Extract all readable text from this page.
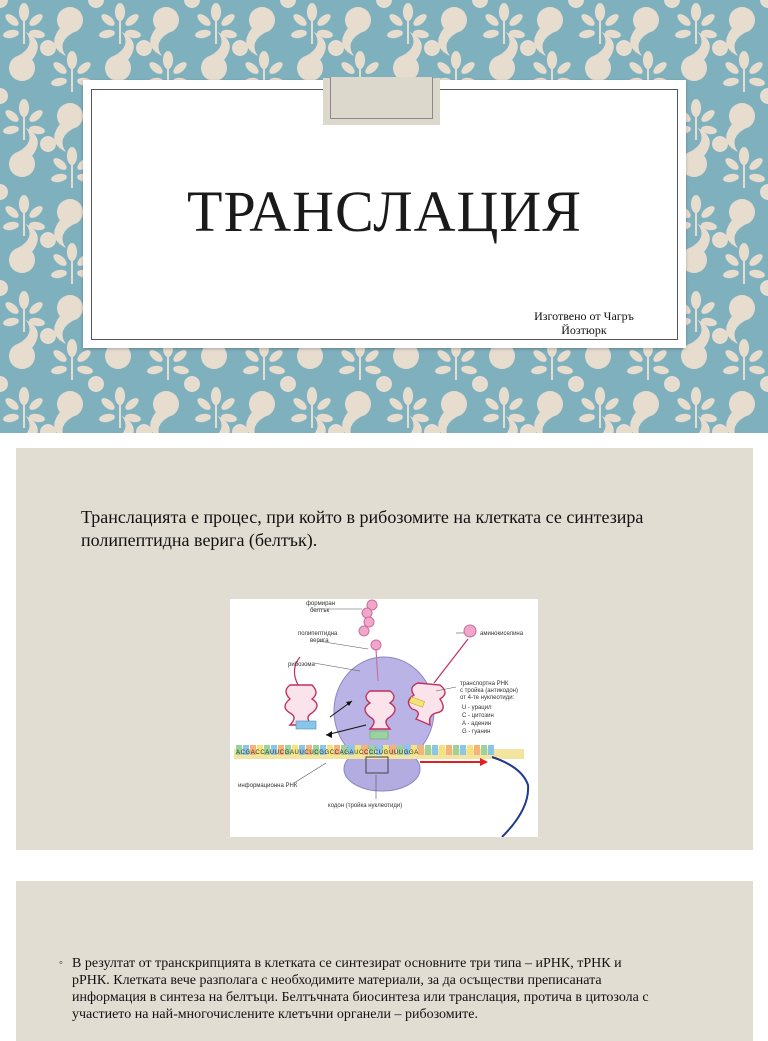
ТРАНСЛАЦИЯ
Изготвено от Чагръ
Йозтюрк
Транслацията е процес, при който в рибозомите на клетката се синтезира
полипептидна верига (белтък).
ACGACCAUUCGAUUCUCGGCCAGAUCCCCUGUUUGGA
формиран
белтък
полипептидна
верига
рибозома
аминокиселина
транспортна РНК
с тройка (антикодон)
от 4-те нуклеотиди:
U - урацил
C - цитозин
A - аденин
G - гуанин
информационна РНК
кодон (тройка нуклеотиди)
◦ В резултат от транскрипцията в клетката се синтезират основните три типа – иРНК, тРНК и
рРНК. Клетката вече разполага с необходимите материали, за да осъществи преписаната
информация в синтеза на белтъци. Белтъчната биосинтеза или транслация, протича в цитозола с
участието на най-многочислените клетъчни органели – рибозомите.
